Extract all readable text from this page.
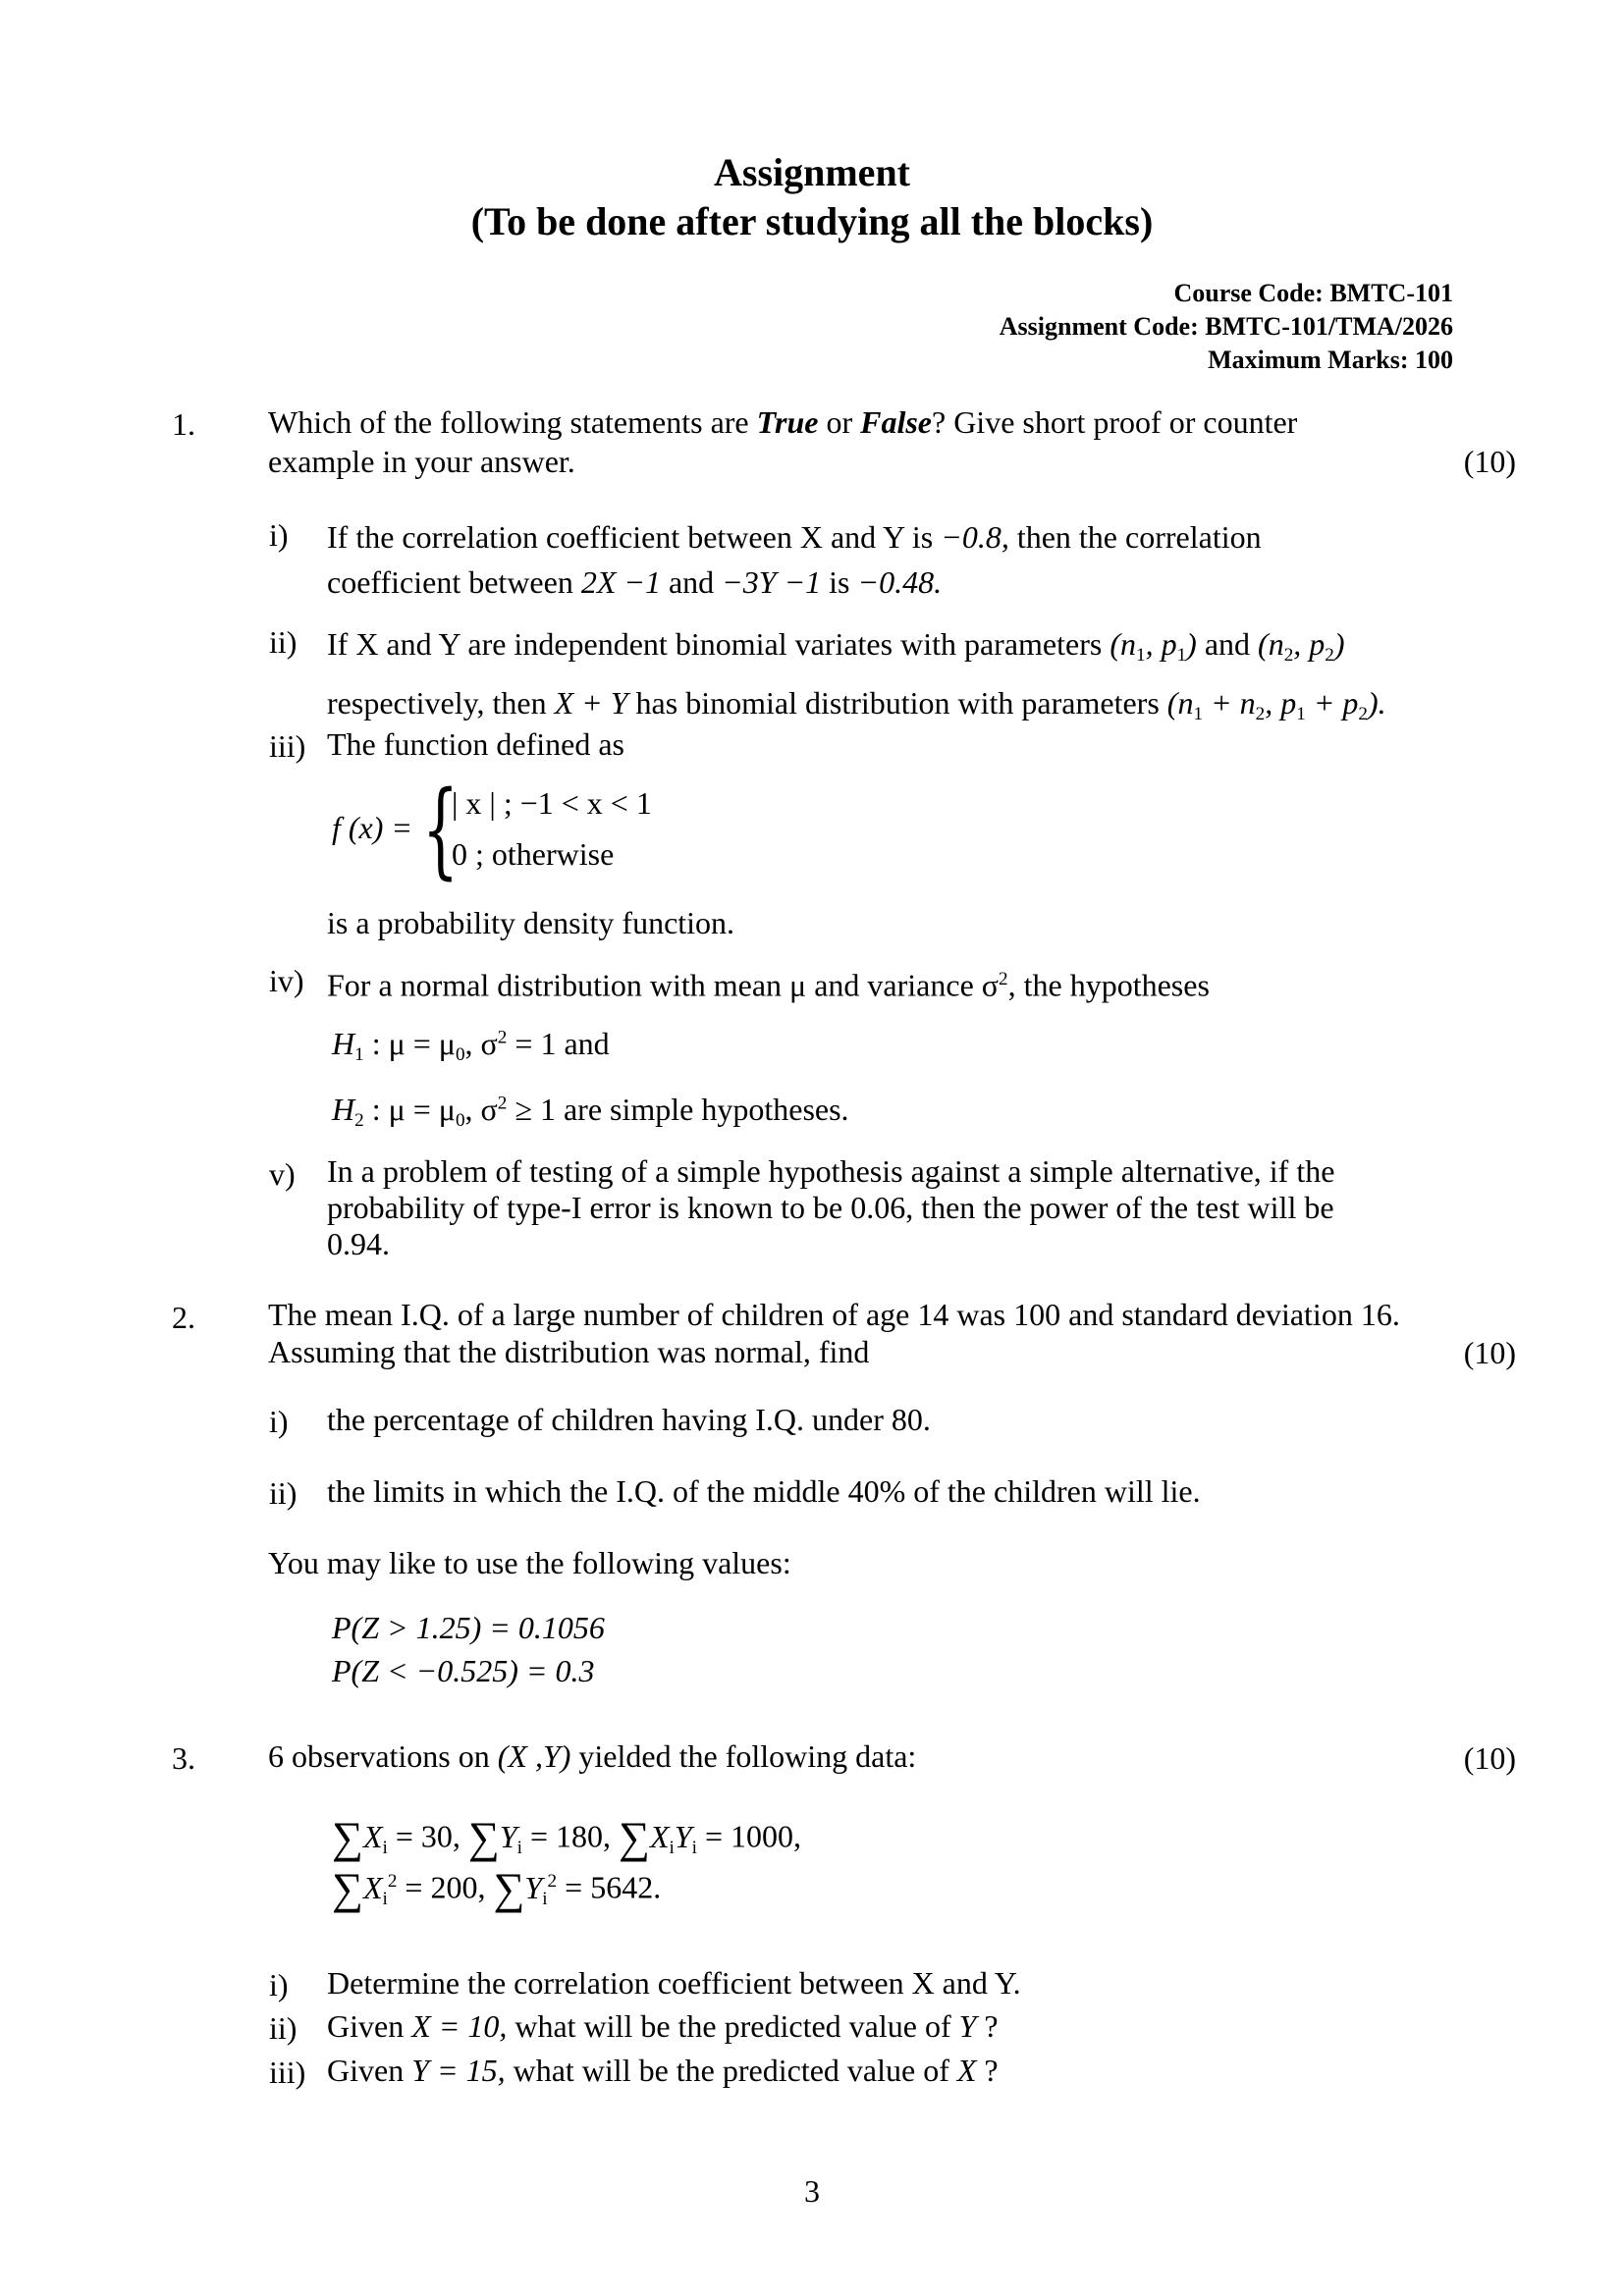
Assignment
(To be done after studying all the blocks)
Course Code: BMTC-101
Assignment Code: BMTC-101/TMA/2026
Maximum Marks: 100
1. Which of the following statements are True or False? Give short proof or counter
example in your answer.	(10)
i) If the correlation coefficient between X and Y is −0.8, then the correlation
coefficient between 2X −1 and −3Y −1 is −0.48.
ii) If X and Y are independent binomial variates with parameters ($n_1$, $p_1$) and ($n_2$, $p_2$)
respectively, then X + Y has binomial distribution with parameters ($n_1 + n_2$, $p_1 + p_2$).
iii) The function defined as
f (x) = {
| x | ; −1 < x < 1
0 ; otherwise
is a probability density function.
iv) For a normal distribution with mean μ and variance $\sigma^2$, the hypotheses
$H_1$ : $\mu = \mu_0$, $\sigma^2 = 1$ and
$H_2$ : $\mu = \mu_0$, $\sigma^2 \ge 1$ are simple hypotheses.
v) In a problem of testing of a simple hypothesis against a simple alternative, if the
probability of type-I error is known to be 0.06, then the power of the test will be
0.94.
2. The mean I.Q. of a large number of children of age 14 was 100 and standard deviation 16.
Assuming that the distribution was normal, find	(10)
i) the percentage of children having I.Q. under 80.
ii) the limits in which the I.Q. of the middle 40% of the children will lie.
You may like to use the following values:
P(Z > 1.25) = 0.1056
P(Z < −0.525) = 0.3
3. 6 observations on (X ,Y) yielded the following data:	(10)
$\sum X_i = 30$, $\sum Y_i = 180$, $\sum X_iY_i = 1000$,
$\sum X_i^2 = 200$, $\sum Y_i^2 = 5642$.
i) Determine the correlation coefficient between X and Y.
ii) Given X = 10, what will be the predicted value of Y ?
iii) Given Y = 15, what will be the predicted value of X ?
3
